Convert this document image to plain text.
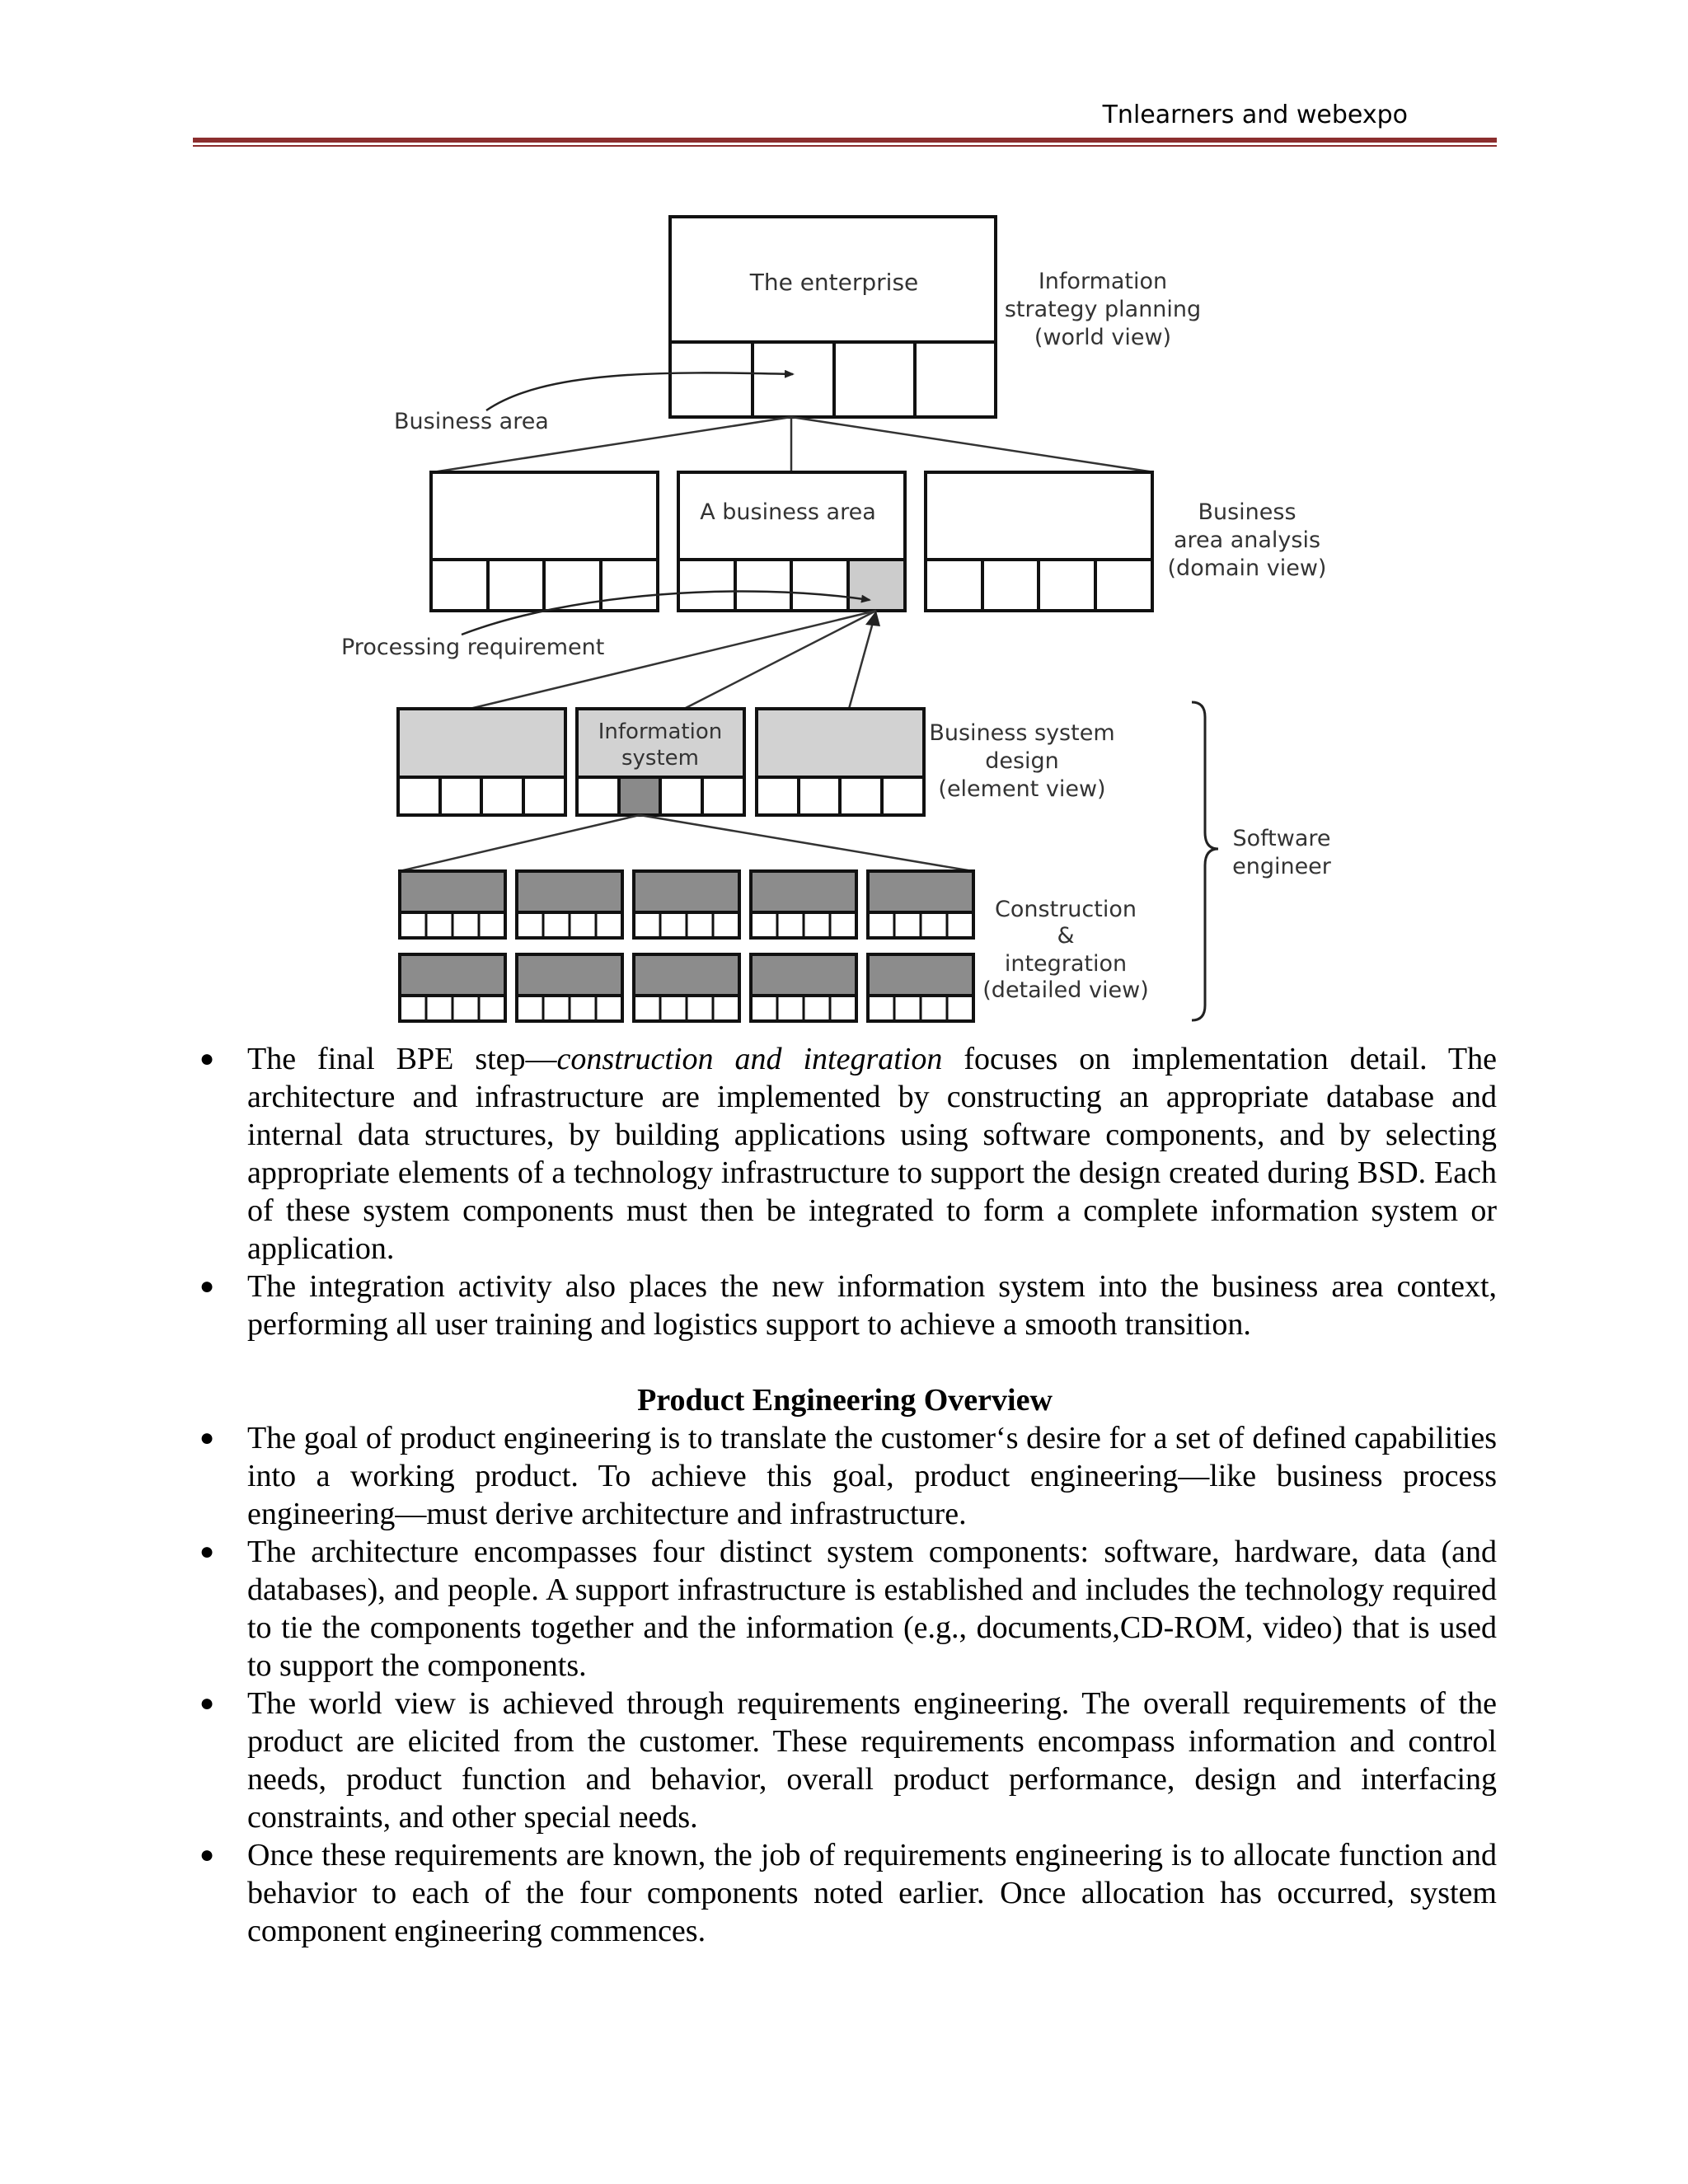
Tnlearners and webexpo
The enterprise	Information
strategy planning
(world view)
Business area
A business area	Business
area analysis
(domain view)
Processing requirement
Information
system
Business system
design
(element view)
Software
engineer
Construction
&
integration
(detailed view)
●	The final BPE step—construction and integration focuses on implementation detail. The architecture and infrastructure are implemented by constructing an appropriate database and internal data structures, by building applications using software components, and by selecting appropriate elements of a technology infrastructure to support the design created during BSD. Each of these system components must then be integrated to form a complete information system or application.
●	The integration activity also places the new information system into the business area context, performing all user training and logistics support to achieve a smooth transition.
Product Engineering Overview
●	The goal of product engineering is to translate the customer‘s desire for a set of defined capabilities into a working product. To achieve this goal, product engineering—like business process engineering—must derive architecture and infrastructure.
●	The architecture encompasses four distinct system components: software, hardware, data (and databases), and people. A support infrastructure is established and includes the technology required to tie the components together and the information (e.g., documents,CD-ROM, video) that is used to support the components.
●	The world view is achieved through requirements engineering. The overall requirements of the product are elicited from the customer. These requirements encompass information and control needs, product function and behavior, overall product performance, design and interfacing constraints, and other special needs.
●	Once these requirements are known, the job of requirements engineering is to allocate function and behavior to each of the four components noted earlier. Once allocation has occurred, system component engineering commences.
